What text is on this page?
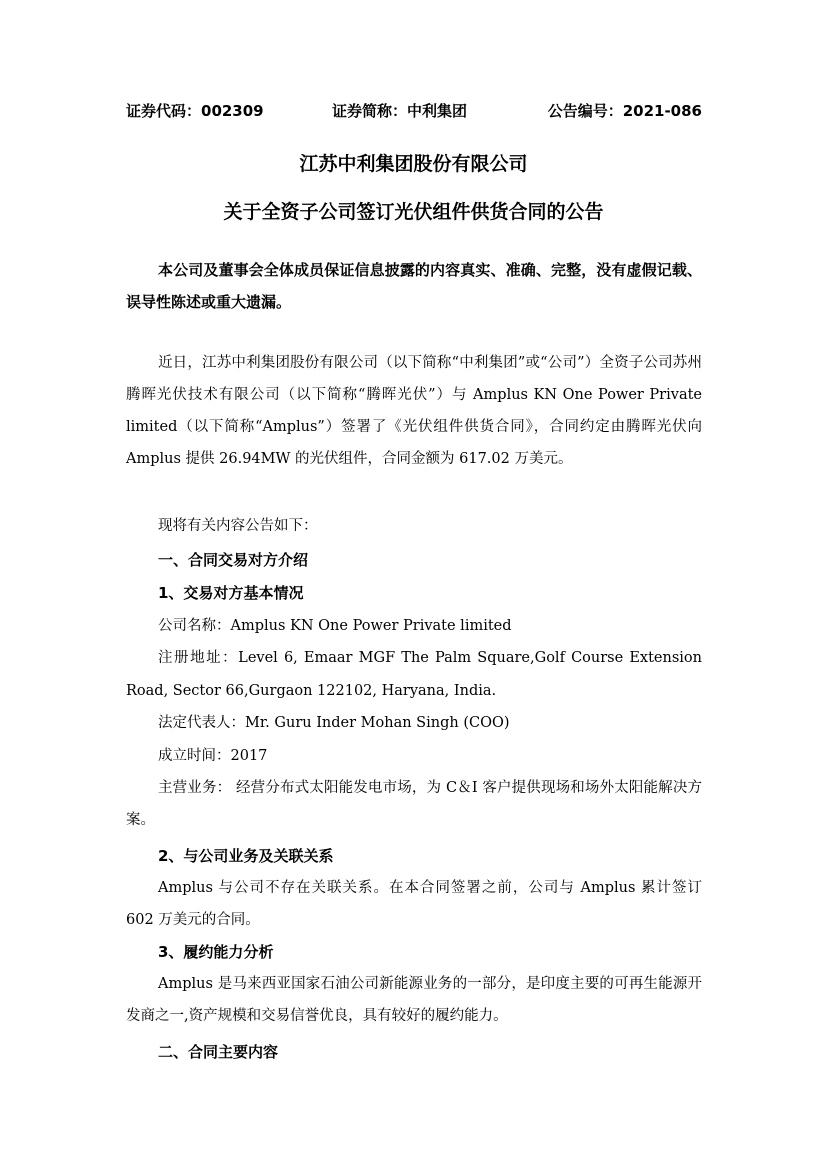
证券代码：002309	证券简称：中利集团	公告编号：2021-086
江苏中利集团股份有限公司
关于全资子公司签订光伏组件供货合同的公告
本公司及董事会全体成员保证信息披露的内容真实、准确、完整，没有虚假记载、误导性陈述或重大遗漏。
近日，江苏中利集团股份有限公司（以下简称“中利集团”或“公司”）全资子公司苏州腾晖光伏技术有限公司（以下简称“腾晖光伏”）与 Amplus KN One Power Private limited（以下简称“Amplus”）签署了《光伏组件供货合同》，合同约定由腾晖光伏向 Amplus 提供 26.94MW 的光伏组件，合同金额为 617.02 万美元。
现将有关内容公告如下：
一、合同交易对方介绍
1、交易对方基本情况
公司名称：Amplus KN One Power Private limited
注册地址：Level 6, Emaar MGF The Palm Square,Golf Course Extension
Road, Sector 66,Gurgaon 122102, Haryana, India.
法定代表人：Mr. Guru Inder Mohan Singh (COO)
成立时间：2017
主营业务： 经营分布式太阳能发电市场，为 C＆I 客户提供现场和场外太阳能解决方案。
2、与公司业务及关联关系
Amplus 与公司不存在关联关系。在本合同签署之前，公司与 Amplus 累计签订 602 万美元的合同。
3、履约能力分析
Amplus 是马来西亚国家石油公司新能源业务的一部分，是印度主要的可再生能源开发商之一,资产规模和交易信誉优良，具有较好的履约能力。
二、合同主要内容
